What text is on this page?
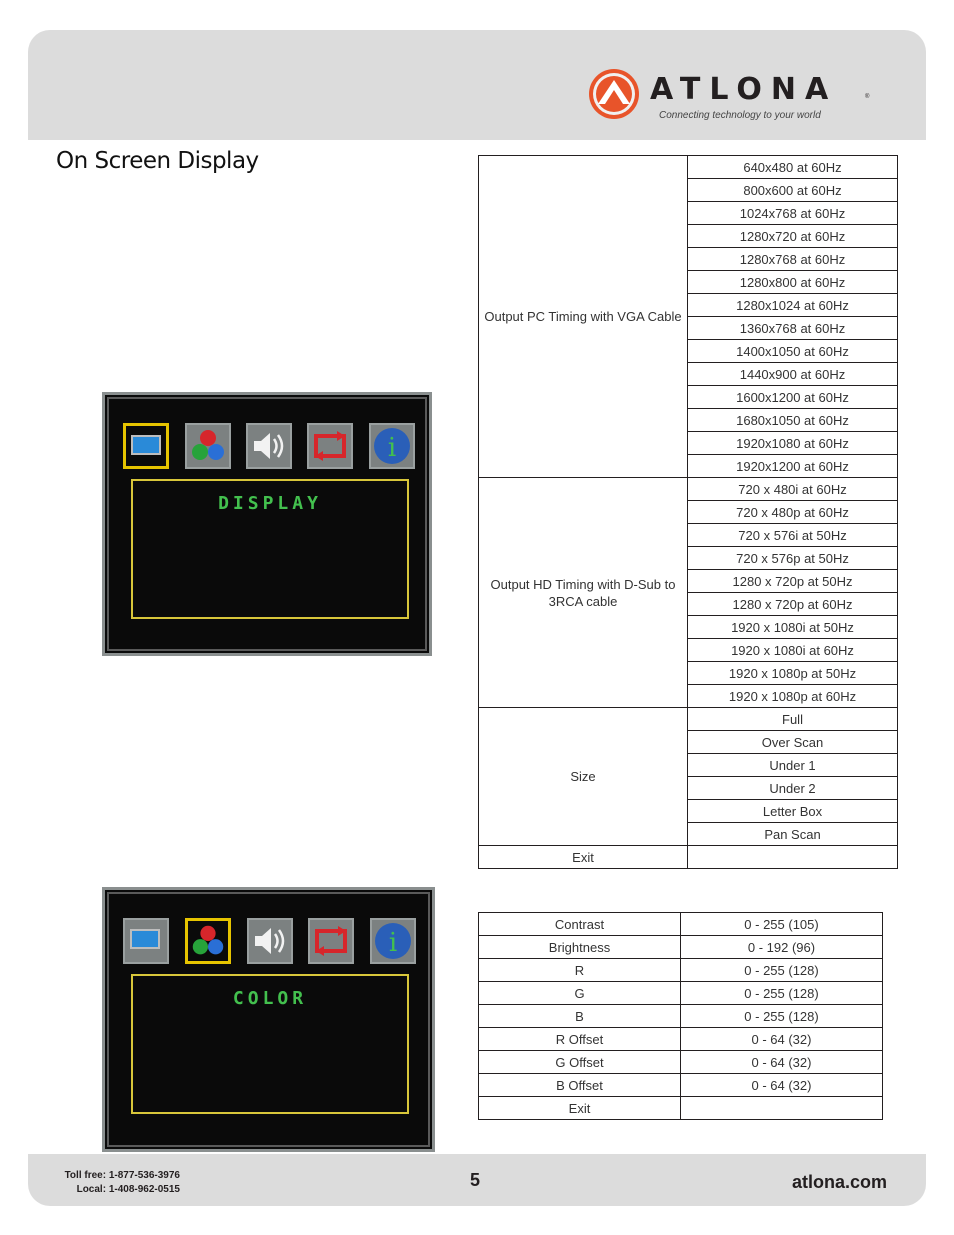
ATLONA	®
Connecting technology to your world
On Screen Display
i
DISPLAY
i
COLOR
Output PC Timing with VGA Cable	640x480 at 60Hz
	800x600 at 60Hz
	1024x768 at 60Hz
	1280x720 at 60Hz
	1280x768 at 60Hz
	1280x800 at 60Hz
	1280x1024 at 60Hz
	1360x768 at 60Hz
	1400x1050 at 60Hz
	1440x900 at 60Hz
	1600x1200 at 60Hz
	1680x1050 at 60Hz
	1920x1080 at 60Hz
	1920x1200 at 60Hz
Output HD Timing with D-Sub to 3RCA cable	720 x 480i at 60Hz
	720 x 480p at 60Hz
	720 x 576i at 50Hz
	720 x 576p at 50Hz
	1280 x 720p at 50Hz
	1280 x 720p at 60Hz
	1920 x 1080i at 50Hz
	1920 x 1080i at 60Hz
	1920 x 1080p at 50Hz
	1920 x 1080p at 60Hz
Size	Full
	Over Scan
	Under 1
	Under 2
	Letter Box
	Pan Scan
Exit	
Contrast	0 - 255 (105)
Brightness	0 - 192 (96)
R	0 - 255 (128)
G	0 - 255 (128)
B	0 - 255 (128)
R Offset	0 - 64 (32)
G Offset	0 - 64 (32)
B Offset	0 - 64 (32)
Exit	
Toll free: 1-877-536-3976
Local: 1-408-962-0515	5	atlona.com
